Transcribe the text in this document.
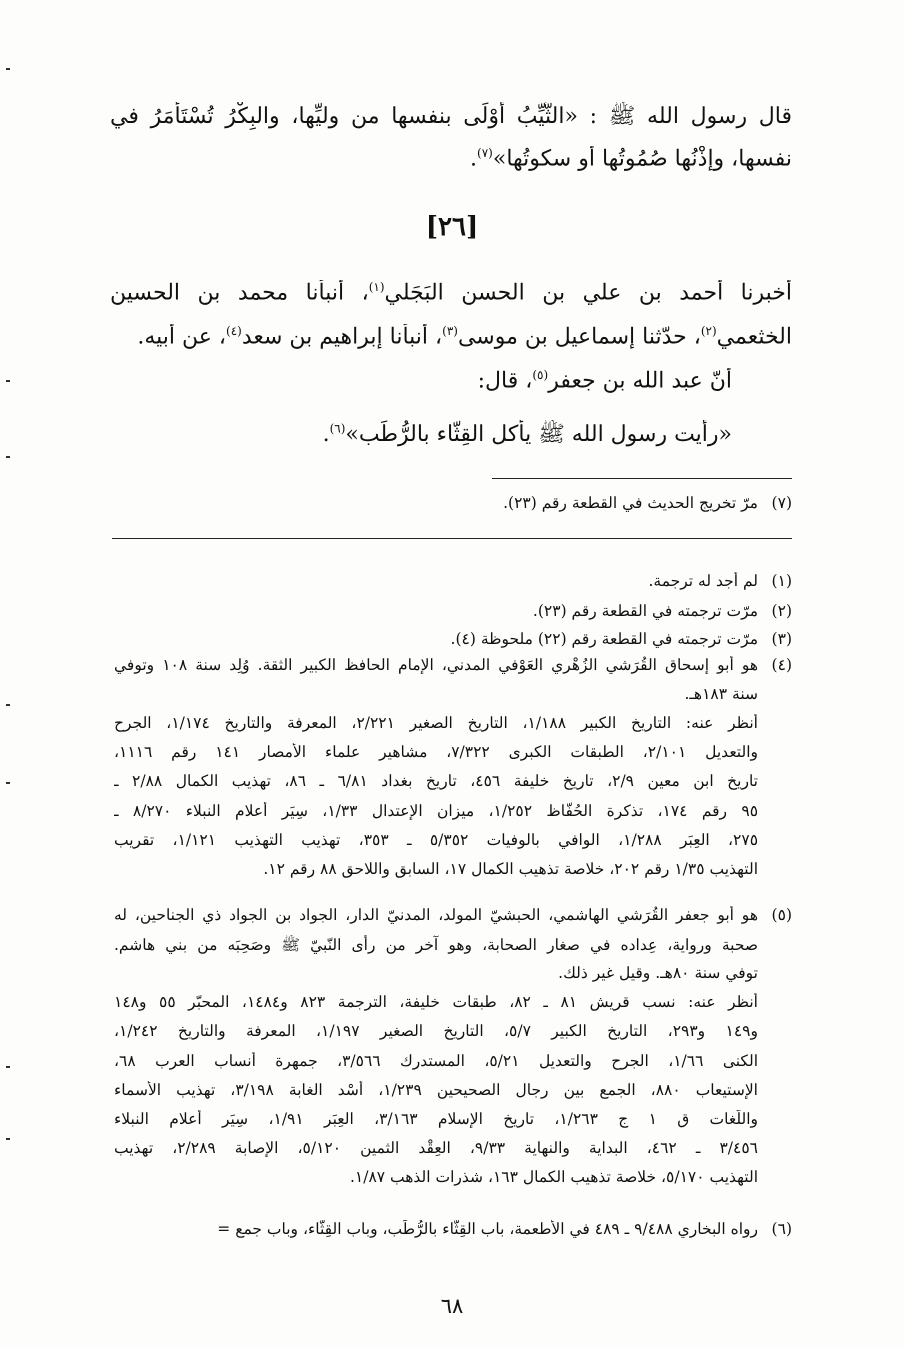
قال رسول الله ﷺ : «الثَّيِّبُ أَوْلَى بنفسها من وليِّها، والبِكْرُ تُسْتَأْمَرُ في
نفسها، وإذْنُها صُمُوتُها أو سكوتُها»$^{(٧)}$.
[٢٦]
أخبرنا أحمد بن علي بن الحسن البَجَلي$^{(١)}$، أنبأنا محمد بن الحسين
الخثعمي$^{(٢)}$، حدّثنا إسماعيل بن موسى$^{(٣)}$، أنبأنا إبراهيم بن سعد$^{(٤)}$، عن أبيه.
أنّ عبد الله بن جعفر$^{(٥)}$، قال:
«رأيت رسول الله ﷺ يأكل القِثّاء بالرُّطَب»$^{(٦)}$.
(٧)
مرّ تخريج الحديث في القطعة رقم (٢٣).
(١)
لم أجد له ترجمة.
(٢)
مرّت ترجمته في القطعة رقم (٢٣).
(٣)
مرّت ترجمته في القطعة رقم (٢٢) ملحوظة (٤).
(٤)
هو أبو إسحاق القُرَشي الزُهْري العَوْفي المدني، الإمام الحافظ الكبير الثقة. وُلِد سنة ١٠٨ وتوفي
سنة ١٨٣هـ.
أنظر عنه: التاريخ الكبير ١/١٨٨، التاريخ الصغير ٢/٢٢١، المعرفة والتاريخ ١/١٧٤، الجرح
والتعديل ٢/١٠١، الطبقات الكبرى ٧/٣٢٢، مشاهير علماء الأمصار ١٤١ رقم ١١١٦،
تاريخ ابن معين ٢/٩، تاريخ خليفة ٤٥٦، تاريخ بغداد ٦/٨١ ـ ٨٦، تهذيب الكمال ٢/٨٨ ـ
٩٥ رقم ١٧٤، تذكرة الحُفّاظ ١/٢٥٢، ميزان الإعتدال ١/٣٣، سِيَر أعلام النبلاء ٨/٢٧٠ ـ
٢٧٥، العِبَر ١/٢٨٨، الوافي بالوفيات ٥/٣٥٢ ـ ٣٥٣، تهذيب التهذيب ١/١٢١، تقريب
التهذيب ١/٣٥ رقم ٢٠٢، خلاصة تذهيب الكمال ١٧، السابق واللاحق ٨٨ رقم ١٢.
(٥)
هو أبو جعفر القُرَشي الهاشمي، الحبشيّ المولد، المدنيّ الدار، الجواد بن الجواد ذي الجناحين، له
صحبة ورواية، عِداده في صغار الصحابة، وهو آخر من رأى النّبيّ ﷺ وصَحِبَه من بني هاشم.
توفي سنة ٨٠هـ. وقيل غير ذلك.
أنظر عنه: نسب قريش ٨١ ـ ٨٢، طبقات خليفة، الترجمة ٨٢٣ و١٤٨٤، المحبّر ٥٥ و١٤٨
و١٤٩ و٢٩٣، التاريخ الكبير ٥/٧، التاريخ الصغير ١/١٩٧، المعرفة والتاريخ ١/٢٤٢،
الكنى ١/٦٦، الجرح والتعديل ٥/٢١، المستدرك ٣/٥٦٦، جمهرة أنساب العرب ٦٨،
الإستيعاب ٨٨٠، الجمع بين رجال الصحيحين ١/٢٣٩، أُسْد الغابة ٣/١٩٨، تهذيب الأسماء
واللُّغات ق ١ ج ١/٢٦٣، تاريخ الإسلام ٣/١٦٣، العِبَر ١/٩١، سِيَر أعلام النبلاء
٣/٤٥٦ ـ ٤٦٢، البداية والنهاية ٩/٣٣، العِقْد الثمين ٥/١٢٠، الإصابة ٢/٢٨٩، تهذيب
التهذيب ٥/١٧٠، خلاصة تذهيب الكمال ١٦٣، شذرات الذهب ١/٨٧.
(٦)
رواه البخاري ٩/٤٨٨ ـ ٤٨٩ في الأطعمة، باب القِثّاء بالرُّطَب، وباب القِثّاء، وباب جمع =
٦٨
